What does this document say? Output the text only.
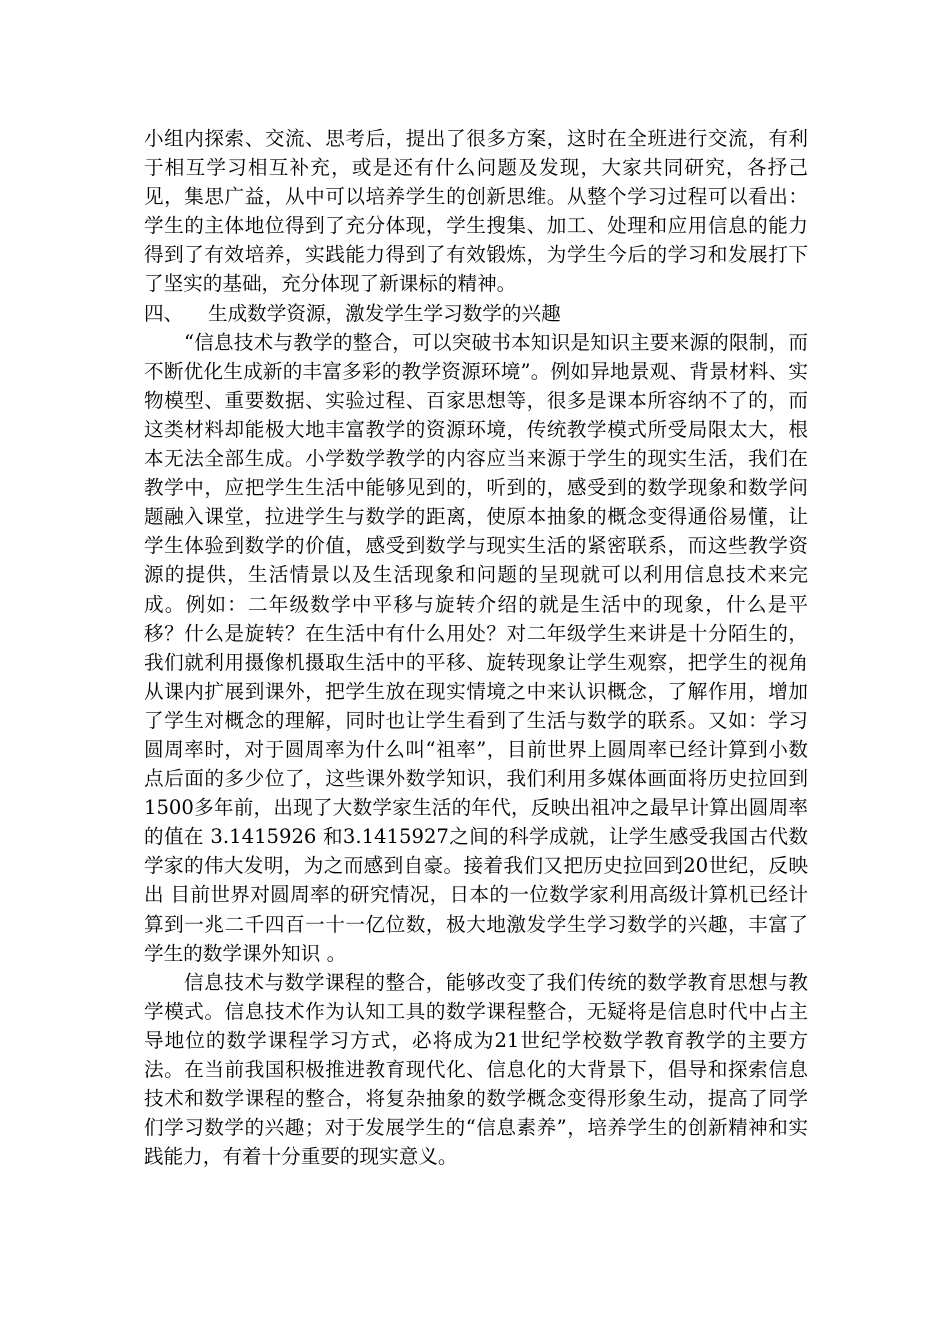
小组内探索、交流、思考后，提出了很多方案，这时在全班进行交流，有利于相互学习相互补充，或是还有什么问题及发现，大家共同研究，各抒己见，集思广益，从中可以培养学生的创新思维。从整个学习过程可以看出：学生的主体地位得到了充分体现，学生搜集、加工、处理和应用信息的能力得到了有效培养，实践能力得到了有效锻炼，为学生今后的学习和发展打下了坚实的基础，充分体现了新课标的精神。

四、	生成数学资源，激发学生学习数学的兴趣

“信息技术与教学的整合，可以突破书本知识是知识主要来源的限制，而不断优化生成新的丰富多彩的教学资源环境”。例如异地景观、背景材料、实物模型、重要数据、实验过程、百家思想等，很多是课本所容纳不了的，而这类材料却能极大地丰富教学的资源环境，传统教学模式所受局限太大，根本无法全部生成。小学数学教学的内容应当来源于学生的现实生活，我们在教学中，应把学生生活中能够见到的，听到的，感受到的数学现象和数学问题融入课堂，拉进学生与数学的距离，使原本抽象的概念变得通俗易懂，让学生体验到数学的价值，感受到数学与现实生活的紧密联系，而这些教学资源的提供，生活情景以及生活现象和问题的呈现就可以利用信息技术来完成。例如：二年级数学中平移与旋转介绍的就是生活中的现象，什么是平移？什么是旋转？在生活中有什么用处？对二年级学生来讲是十分陌生的，我们就利用摄像机摄取生活中的平移、旋转现象让学生观察，把学生的视角从课内扩展到课外，把学生放在现实情境之中来认识概念，了解作用，增加了学生对概念的理解，同时也让学生看到了生活与数学的联系。又如：学习圆周率时，对于圆周率为什么叫“祖率”，目前世界上圆周率已经计算到小数点后面的多少位了，这些课外数学知识，我们利用多媒体画面将历史拉回到1500多年前，出现了大数学家生活的年代，反映出祖冲之最早计算出圆周率的值在 3.1415926 和3.1415927之间的科学成就，让学生感受我国古代数学家的伟大发明，为之而感到自豪。接着我们又把历史拉回到20世纪，反映出 目前世界对圆周率的研究情况，日本的一位数学家利用高级计算机已经计算到一兆二千四百一十一亿位数，极大地激发学生学习数学的兴趣，丰富了学生的数学课外知识 。

信息技术与数学课程的整合，能够改变了我们传统的数学教育思想与教学模式。信息技术作为认知工具的数学课程整合，无疑将是信息时代中占主导地位的数学课程学习方式，必将成为21世纪学校数学教育教学的主要方法。在当前我国积极推进教育现代化、信息化的大背景下，倡导和探索信息技术和数学课程的整合，将复杂抽象的数学概念变得形象生动，提高了同学们学习数学的兴趣；对于发展学生的“信息素养”，培养学生的创新精神和实践能力，有着十分重要的现实意义。
